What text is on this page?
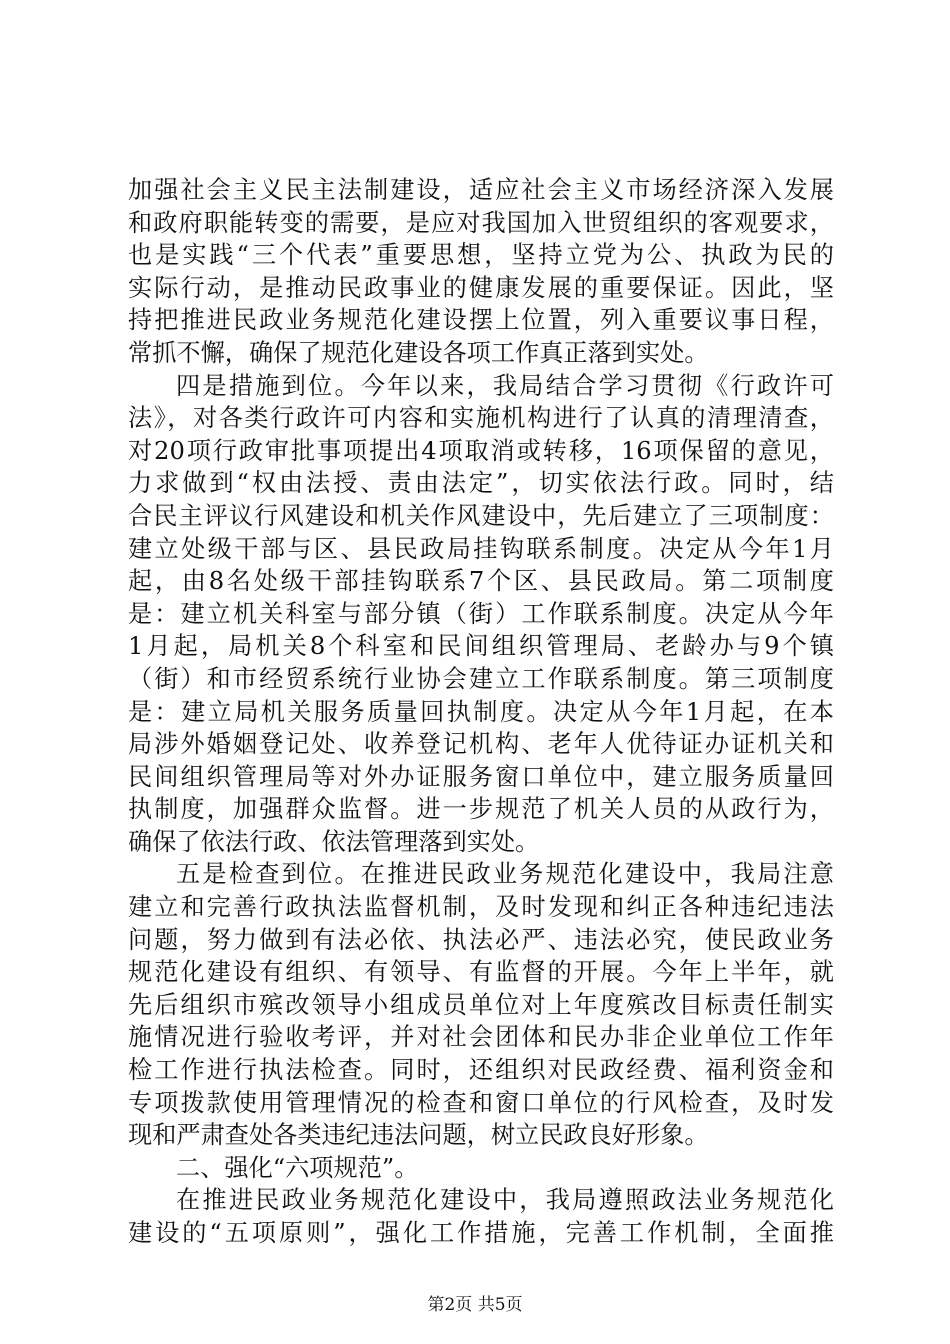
加强社会主义民主法制建设，适应社会主义市场经济深入发展
和政府职能转变的需要，是应对我国加入世贸组织的客观要求，
也是实践“三个代表”重要思想，坚持立党为公、执政为民的
实际行动，是推动民政事业的健康发展的重要保证。因此，坚
持把推进民政业务规范化建设摆上位置，列入重要议事日程，
常抓不懈，确保了规范化建设各项工作真正落到实处。
四是措施到位。今年以来，我局结合学习贯彻《行政许可
法》，对各类行政许可内容和实施机构进行了认真的清理清查，
对20项行政审批事项提出4项取消或转移，16项保留的意见，
力求做到“权由法授、责由法定”，切实依法行政。同时，结
合民主评议行风建设和机关作风建设中，先后建立了三项制度：
建立处级干部与区、县民政局挂钩联系制度。决定从今年1月
起，由8名处级干部挂钩联系7个区、县民政局。第二项制度
是：建立机关科室与部分镇（街）工作联系制度。决定从今年
1月起，局机关8个科室和民间组织管理局、老龄办与9个镇
（街）和市经贸系统行业协会建立工作联系制度。第三项制度
是：建立局机关服务质量回执制度。决定从今年1月起，在本
局涉外婚姻登记处、收养登记机构、老年人优待证办证机关和
民间组织管理局等对外办证服务窗口单位中，建立服务质量回
执制度，加强群众监督。进一步规范了机关人员的从政行为，
确保了依法行政、依法管理落到实处。
五是检查到位。在推进民政业务规范化建设中，我局注意
建立和完善行政执法监督机制，及时发现和纠正各种违纪违法
问题，努力做到有法必依、执法必严、违法必究，使民政业务
规范化建设有组织、有领导、有监督的开展。今年上半年，就
先后组织市殡改领导小组成员单位对上年度殡改目标责任制实
施情况进行验收考评，并对社会团体和民办非企业单位工作年
检工作进行执法检查。同时，还组织对民政经费、福利资金和
专项拨款使用管理情况的检查和窗口单位的行风检查，及时发
现和严肃查处各类违纪违法问题，树立民政良好形象。
二、强化“六项规范”。
在推进民政业务规范化建设中，我局遵照政法业务规范化
建设的“五项原则”，强化工作措施，完善工作机制，全面推
第2页 共5页
